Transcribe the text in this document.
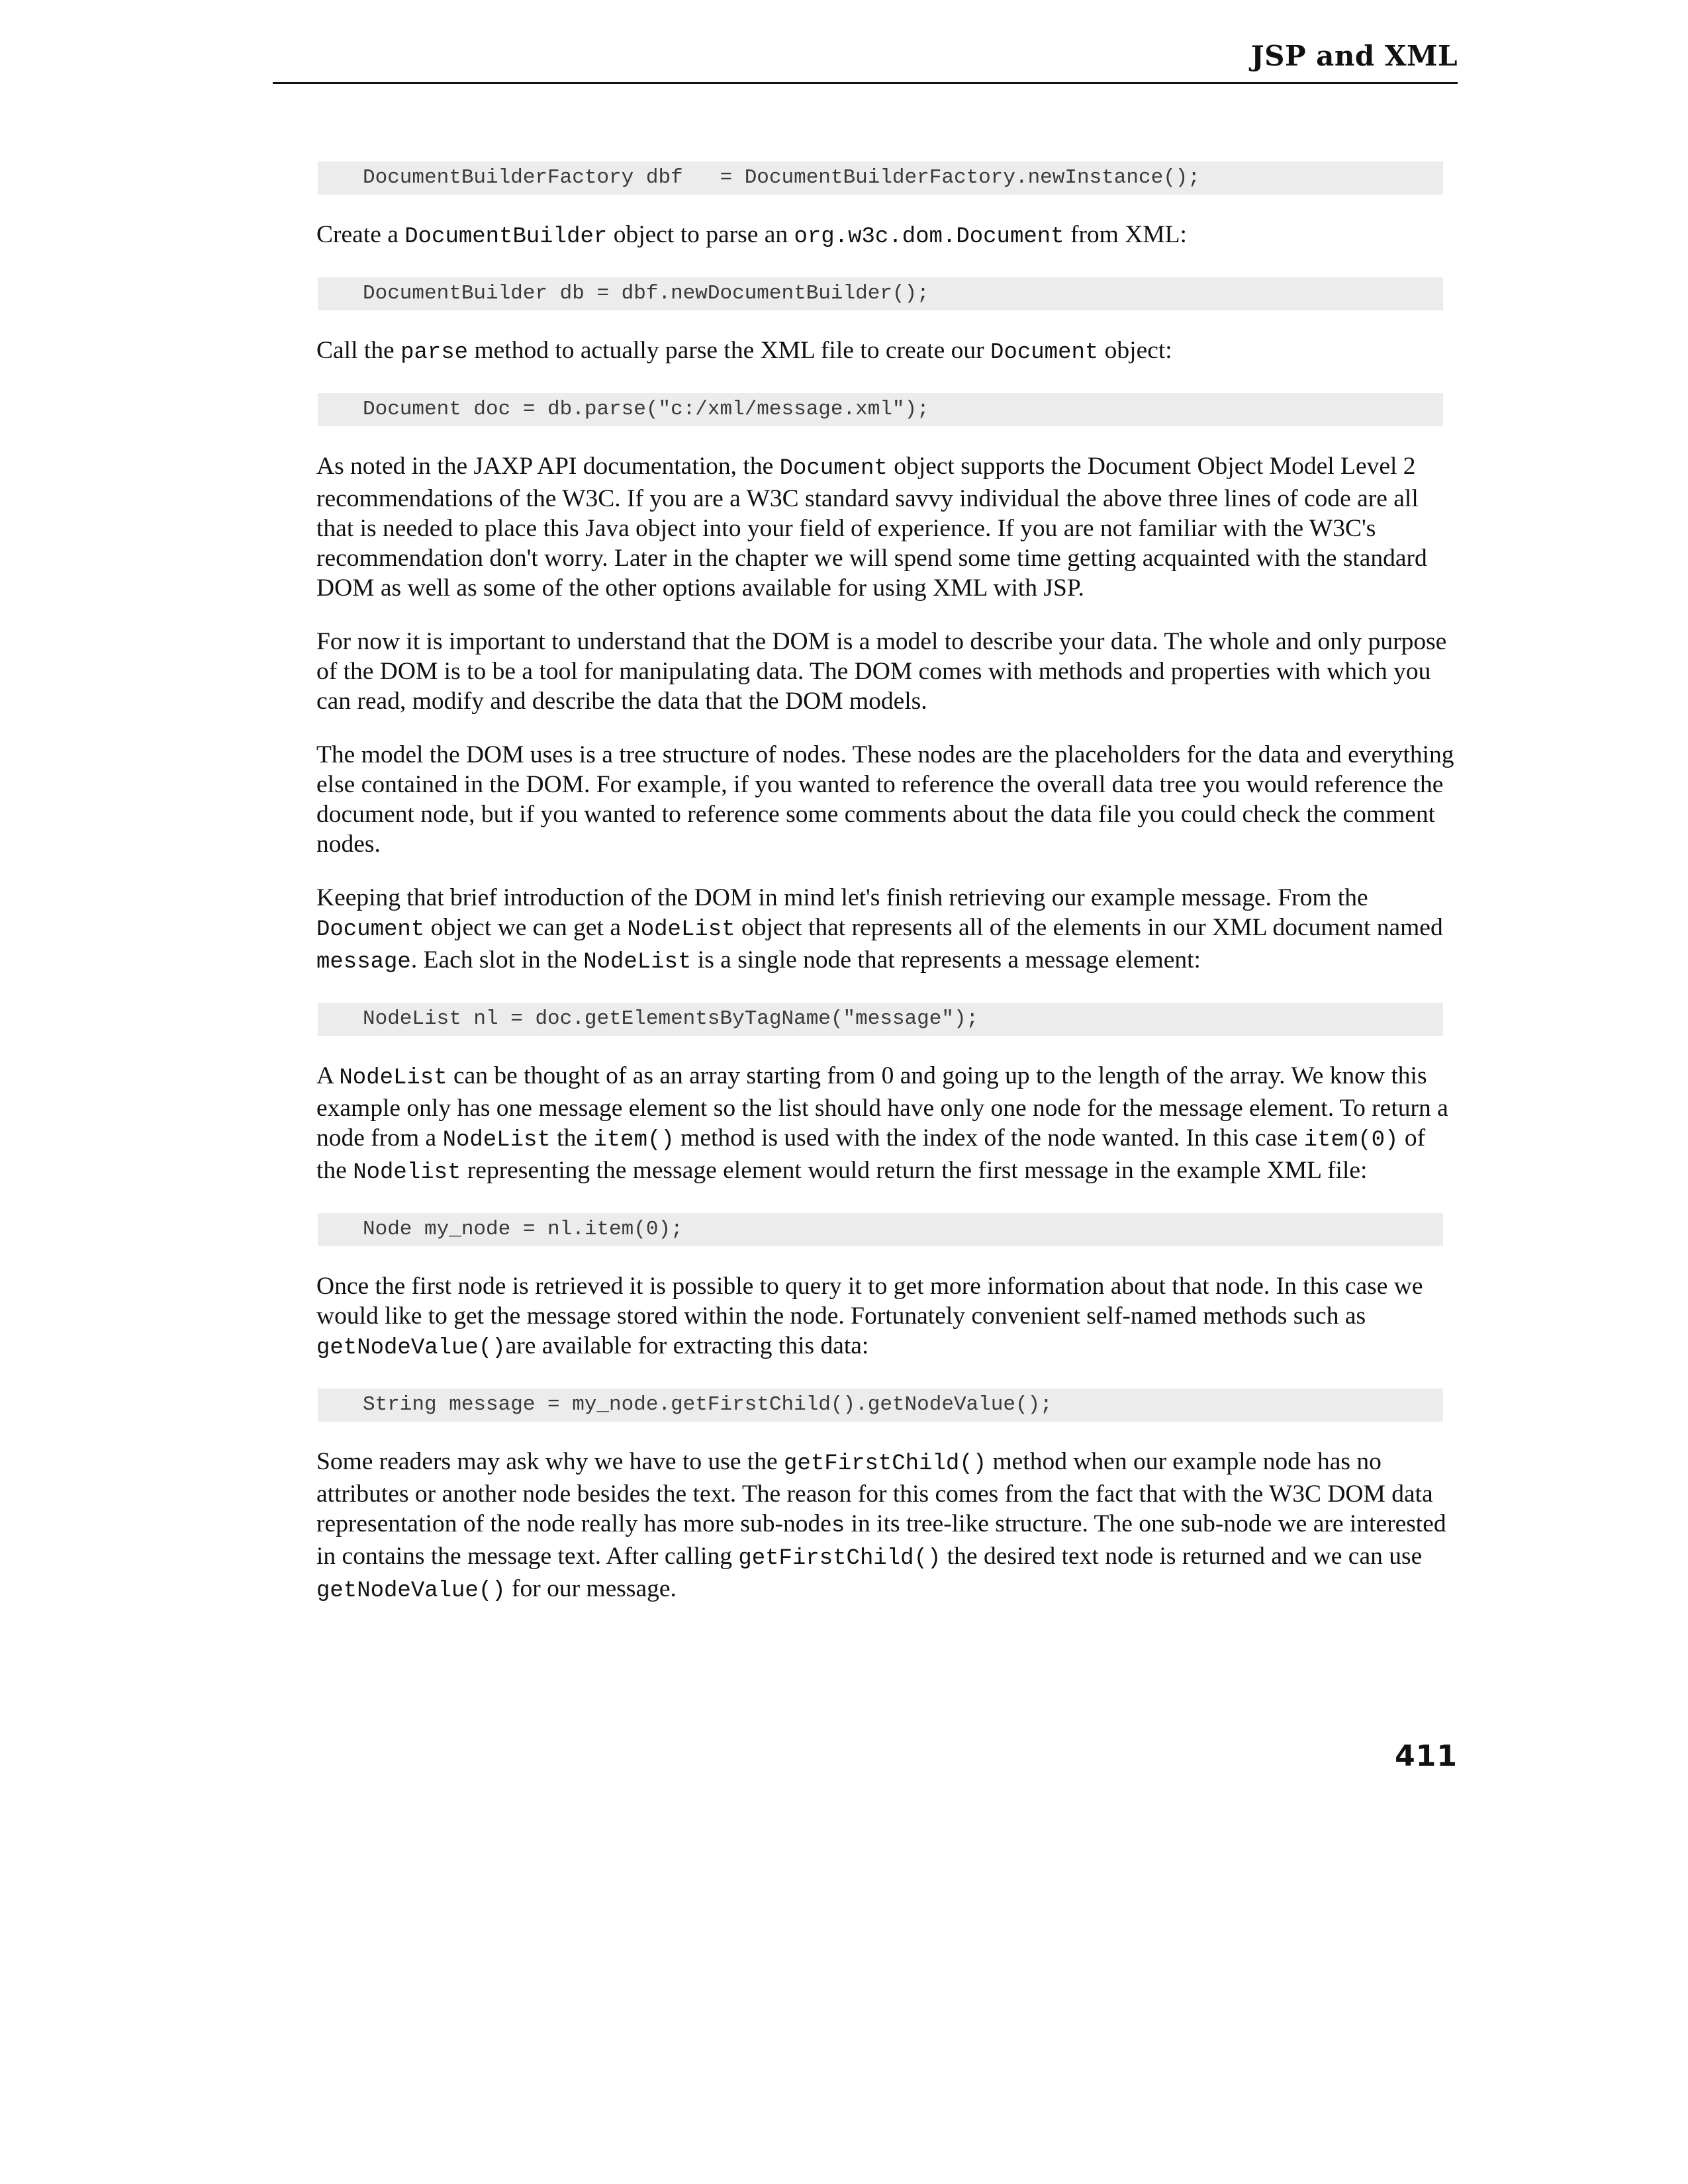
JSP and XML
DocumentBuilderFactory dbf   = DocumentBuilderFactory.newInstance();

Create a DocumentBuilder object to parse an org.w3c.dom.Document from XML:

DocumentBuilder db = dbf.newDocumentBuilder();

Call the parse method to actually parse the XML file to create our Document object:

Document doc = db.parse("c:/xml/message.xml");

As noted in the JAXP API documentation, the Document object supports the Document Object Model Level 2 recommendations of the W3C. If you are a W3C standard savvy individual the above three lines of code are all that is needed to place this Java object into your field of experience. If you are not familiar with the W3C's recommendation don't worry. Later in the chapter we will spend some time getting acquainted with the standard DOM as well as some of the other options available for using XML with JSP.

For now it is important to understand that the DOM is a model to describe your data. The whole and only purpose of the DOM is to be a tool for manipulating data. The DOM comes with methods and properties with which you can read, modify and describe the data that the DOM models.

The model the DOM uses is a tree structure of nodes. These nodes are the placeholders for the data and everything else contained in the DOM. For example, if you wanted to reference the overall data tree you would reference the document node, but if you wanted to reference some comments about the data file you could check the comment nodes.

Keeping that brief introduction of the DOM in mind let's finish retrieving our example message. From the Document object we can get a NodeList object that represents all of the elements in our XML document named message. Each slot in the NodeList is a single node that represents a message element:

NodeList nl = doc.getElementsByTagName("message");

A NodeList can be thought of as an array starting from 0 and going up to the length of the array. We know this example only has one message element so the list should have only one node for the message element. To return a node from a NodeList the item() method is used with the index of the node wanted. In this case item(0) of the Nodelist representing the message element would return the first message in the example XML file:

Node my_node = nl.item(0);

Once the first node is retrieved it is possible to query it to get more information about that node. In this case we would like to get the message stored within the node. Fortunately convenient self-named methods such as getNodeValue()are available for extracting this data:

String message = my_node.getFirstChild().getNodeValue();

Some readers may ask why we have to use the getFirstChild() method when our example node has no attributes or another node besides the text. The reason for this comes from the fact that with the W3C DOM data representation of the node really has more sub-nodes in its tree-like structure. The one sub-node we are interested in contains the message text. After calling getFirstChild() the desired text node is returned and we can use getNodeValue() for our message.

411
